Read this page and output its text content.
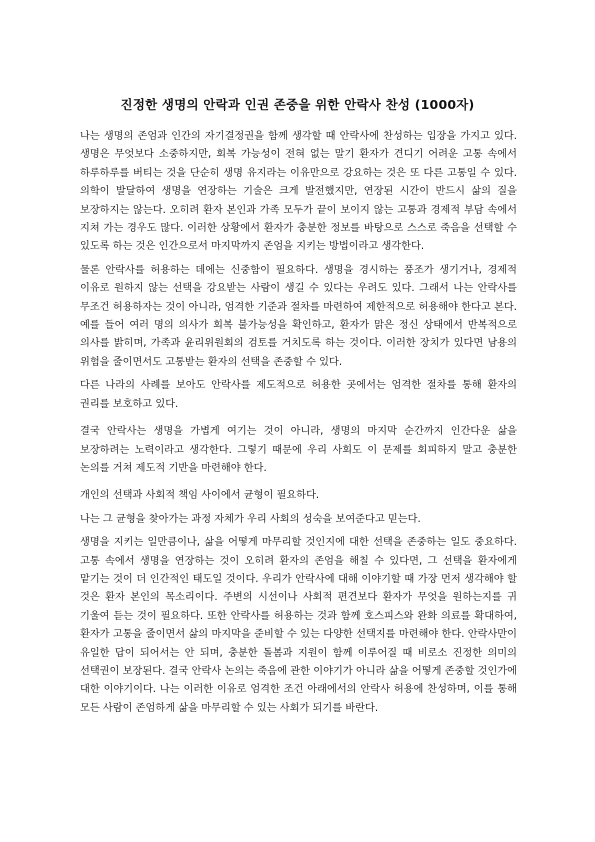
진정한 생명의 안락과 인권 존중을 위한 안락사 찬성 (1000자)

나는 생명의 존엄과 인간의 자기결정권을 함께 생각할 때 안락사에 찬성하는 입장을 가지고 있다. 생명은 무엇보다 소중하지만, 회복 가능성이 전혀 없는 말기 환자가 견디기 어려운 고통 속에서 하루하루를 버티는 것을 단순히 생명 유지라는 이유만으로 강요하는 것은 또 다른 고통일 수 있다. 의학이 발달하여 생명을 연장하는 기술은 크게 발전했지만, 연장된 시간이 반드시 삶의 질을 보장하지는 않는다. 오히려 환자 본인과 가족 모두가 끝이 보이지 않는 고통과 경제적 부담 속에서 지쳐 가는 경우도 많다. 이러한 상황에서 환자가 충분한 정보를 바탕으로 스스로 죽음을 선택할 수 있도록 하는 것은 인간으로서 마지막까지 존엄을 지키는 방법이라고 생각한다.

물론 안락사를 허용하는 데에는 신중함이 필요하다. 생명을 경시하는 풍조가 생기거나, 경제적 이유로 원하지 않는 선택을 강요받는 사람이 생길 수 있다는 우려도 있다. 그래서 나는 안락사를 무조건 허용하자는 것이 아니라, 엄격한 기준과 절차를 마련하여 제한적으로 허용해야 한다고 본다. 예를 들어 여러 명의 의사가 회복 불가능성을 확인하고, 환자가 맑은 정신 상태에서 반복적으로 의사를 밝히며, 가족과 윤리위원회의 검토를 거치도록 하는 것이다. 이러한 장치가 있다면 남용의 위험을 줄이면서도 고통받는 환자의 선택을 존중할 수 있다.

다른 나라의 사례를 보아도 안락사를 제도적으로 허용한 곳에서는 엄격한 절차를 통해 환자의 권리를 보호하고 있다.

결국 안락사는 생명을 가볍게 여기는 것이 아니라, 생명의 마지막 순간까지 인간다운 삶을 보장하려는 노력이라고 생각한다. 그렇기 때문에 우리 사회도 이 문제를 회피하지 말고 충분한 논의를 거쳐 제도적 기반을 마련해야 한다.

개인의 선택과 사회적 책임 사이에서 균형이 필요하다.

나는 그 균형을 찾아가는 과정 자체가 우리 사회의 성숙을 보여준다고 믿는다.

생명을 지키는 일만큼이나, 삶을 어떻게 마무리할 것인지에 대한 선택을 존중하는 일도 중요하다. 고통 속에서 생명을 연장하는 것이 오히려 환자의 존엄을 해칠 수 있다면, 그 선택을 환자에게 맡기는 것이 더 인간적인 태도일 것이다. 우리가 안락사에 대해 이야기할 때 가장 먼저 생각해야 할 것은 환자 본인의 목소리이다. 주변의 시선이나 사회적 편견보다 환자가 무엇을 원하는지를 귀 기울여 듣는 것이 필요하다. 또한 안락사를 허용하는 것과 함께 호스피스와 완화 의료를 확대하여, 환자가 고통을 줄이면서 삶의 마지막을 준비할 수 있는 다양한 선택지를 마련해야 한다. 안락사만이 유일한 답이 되어서는 안 되며, 충분한 돌봄과 지원이 함께 이루어질 때 비로소 진정한 의미의 선택권이 보장된다. 결국 안락사 논의는 죽음에 관한 이야기가 아니라 삶을 어떻게 존중할 것인가에 대한 이야기이다. 나는 이러한 이유로 엄격한 조건 아래에서의 안락사 허용에 찬성하며, 이를 통해 모든 사람이 존엄하게 삶을 마무리할 수 있는 사회가 되기를 바란다.
